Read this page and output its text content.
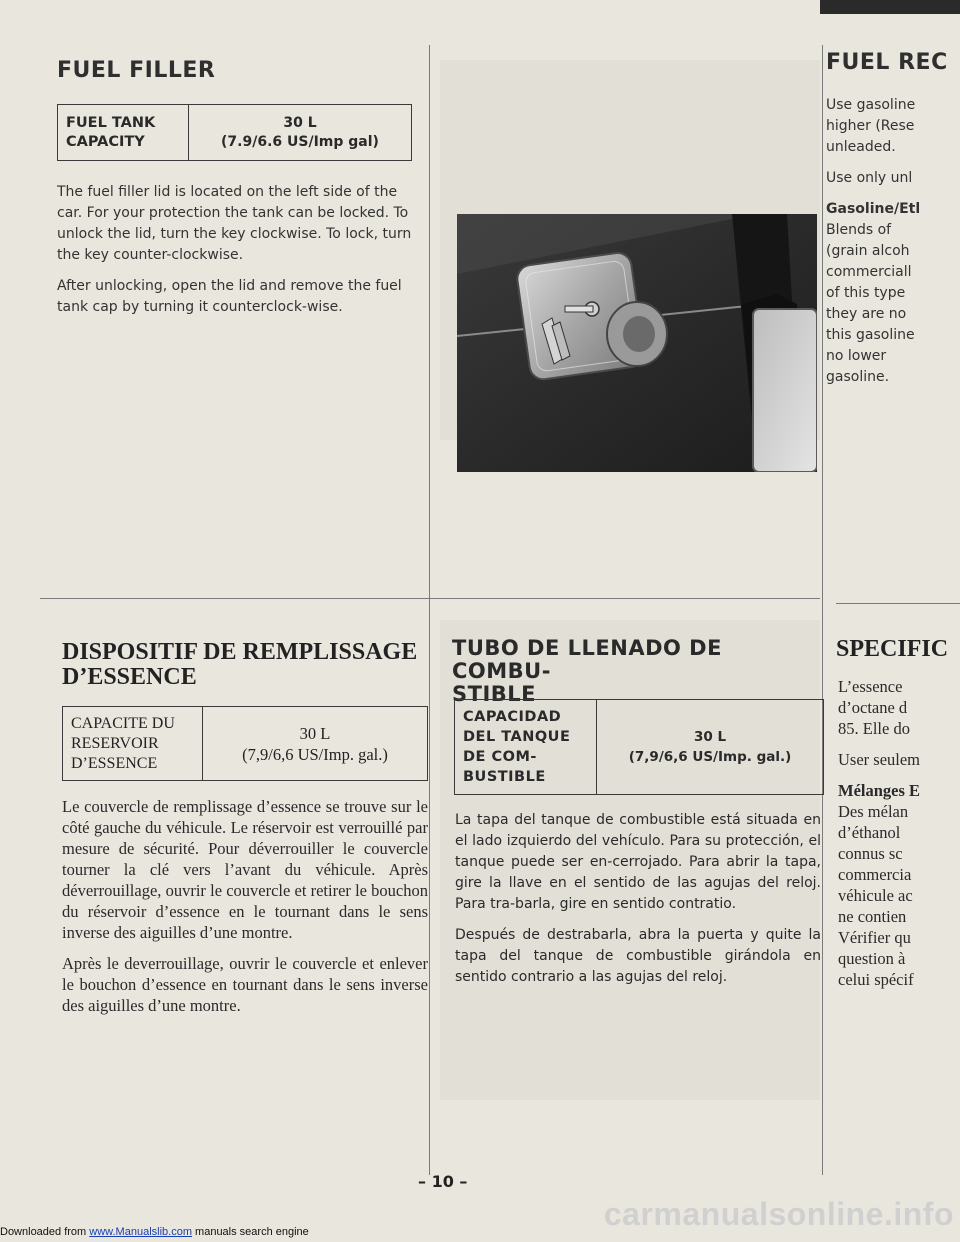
FUEL FILLER
FUEL TANK
CAPACITY
30 L
(7.9/6.6 US/Imp gal)

The fuel filler lid is located on the left side of the car. For your protection the tank can be locked. To unlock the lid, turn the key clockwise. To lock, turn the key counter-clockwise.

After unlocking, open the lid and remove the fuel tank cap by turning it counterclock-wise.

FUEL REC
Use gasoline
higher (Rese
unleaded.
Use only unl
Gasoline/Etl
Blends of
(grain alcoh
commerciall
of this type
they are no
this gasoline
no lower
gasoline.
DISPOSITIF DE REMPLISSAGE
D’ESSENCE
CAPACITE DU
RESERVOIR
D’ESSENCE
30 L
(7,9/6,6 US/Imp. gal.)

Le couvercle de remplissage d’essence se trouve sur le côté gauche du véhicule. Le réservoir est verrouillé par mesure de sécurité. Pour déverrouiller le couvercle tourner la clé vers l’avant du véhicule. Après déverrouillage, ouvrir le couvercle et retirer le bouchon du réservoir d’essence en le tournant dans le sens inverse des aiguilles d’une montre.

Après le deverrouillage, ouvrir le couvercle et enlever le bouchon d’essence en tournant dans le sens inverse des aiguilles d’une montre.

TUBO DE LLENADO DE COMBU-
STIBLE
CAPACIDAD
DEL TANQUE
DE COM-
BUSTIBLE
30 L
(7,9/6,6 US/Imp. gal.)

La tapa del tanque de combustible está situada en el lado izquierdo del vehículo. Para su protección, el tanque puede ser en-cerrojado. Para abrir la tapa, gire la llave en el sentido de las agujas del reloj. Para tra-barla, gire en sentido contratio.

Después de destrabarla, abra la puerta y quite la tapa del tanque de combustible girándola en sentido contrario a las agujas del reloj.

SPECIFIC
L’essence
d’octane d
85. Elle do
User seulem
Mélanges E
Des mélan
d’éthanol
connus sc
commercia
véhicule ac
ne contien
Vérifier qu
question à
celui spécif
– 10 –
carmanualsonline.info
Downloaded from www.Manualslib.com manuals search engine
